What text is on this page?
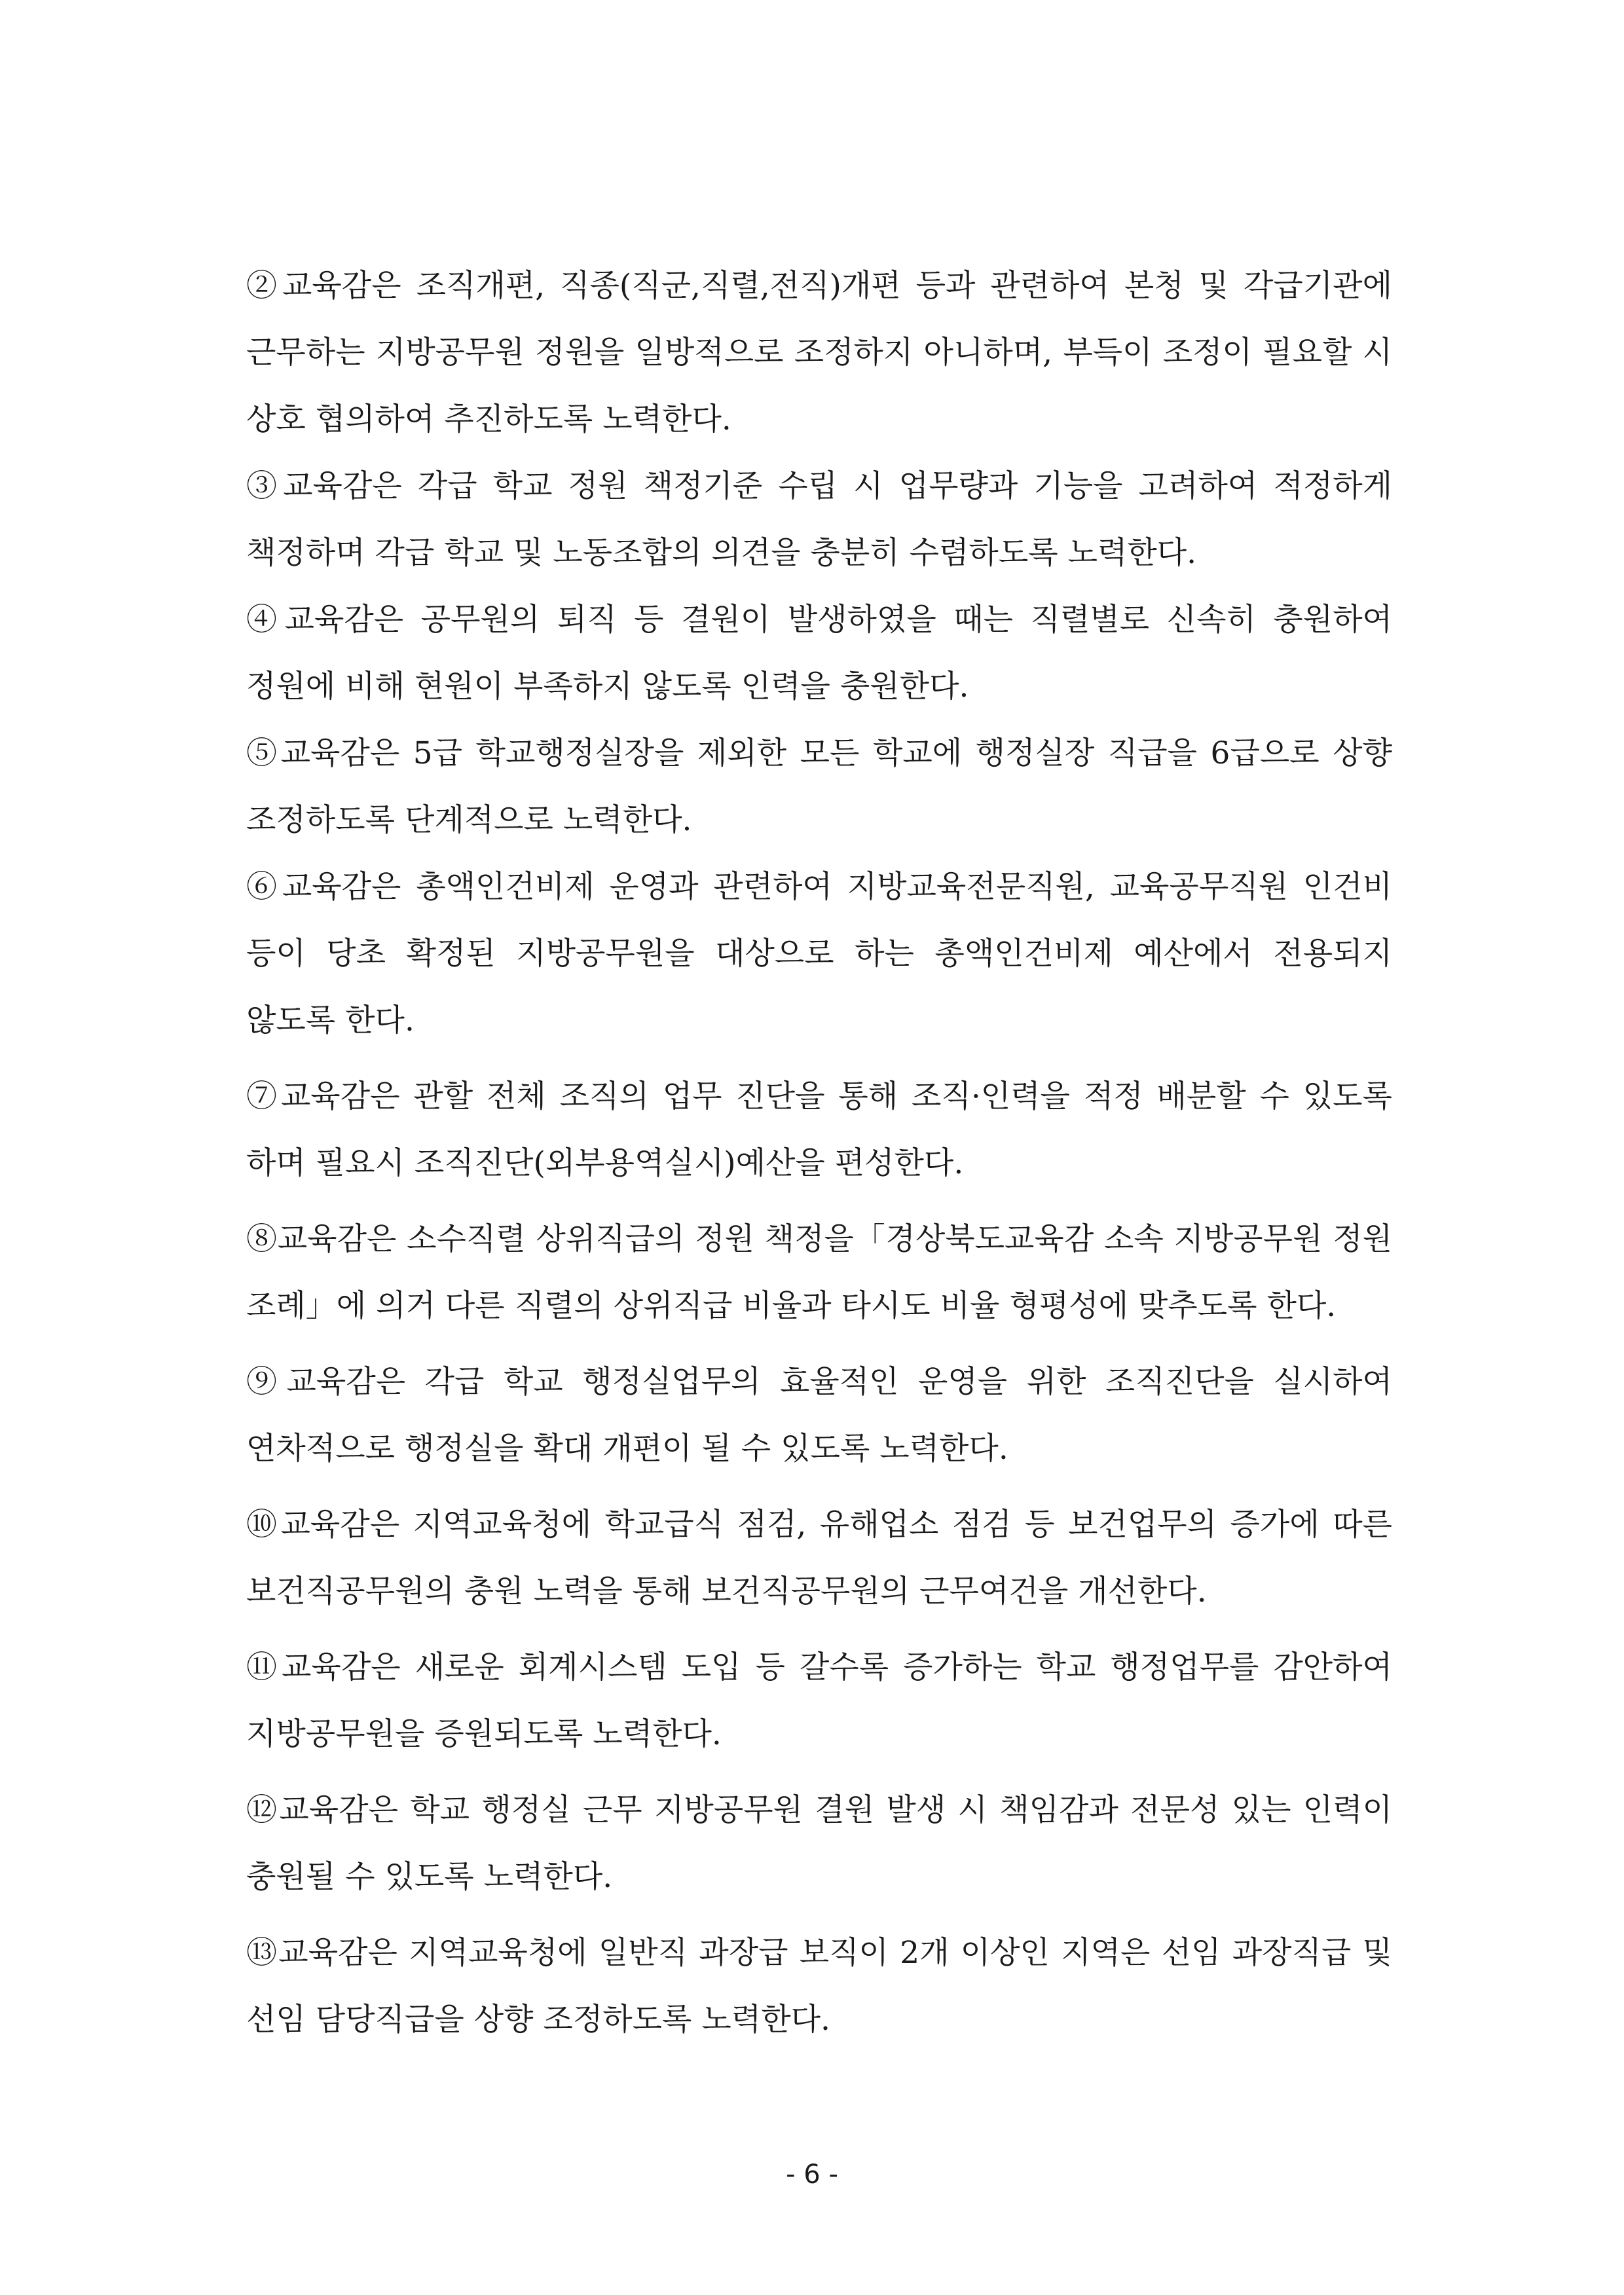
②교육감은 조직개편, 직종(직군,직렬,전직)개편 등과 관련하여 본청 및 각급기관에 근무하는 지방공무원 정원을 일방적으로 조정하지 아니하며, 부득이 조정이 필요할 시 상호 협의하여 추진하도록 노력한다.

③교육감은 각급 학교 정원 책정기준 수립 시 업무량과 기능을 고려하여 적정하게 책정하며 각급 학교 및 노동조합의 의견을 충분히 수렴하도록 노력한다.

④교육감은 공무원의 퇴직 등 결원이 발생하였을 때는 직렬별로 신속히 충원하여 정원에 비해 현원이 부족하지 않도록 인력을 충원한다.

⑤교육감은 5급 학교행정실장을 제외한 모든 학교에 행정실장 직급을 6급으로 상향 조정하도록 단계적으로 노력한다.

⑥교육감은 총액인건비제 운영과 관련하여 지방교육전문직원, 교육공무직원 인건비 등이 당초 확정된 지방공무원을 대상으로 하는 총액인건비제 예산에서 전용되지 않도록 한다.

⑦교육감은 관할 전체 조직의 업무 진단을 통해 조직·인력을 적정 배분할 수 있도록 하며 필요시 조직진단(외부용역실시)예산을 편성한다.

⑧교육감은 소수직렬 상위직급의 정원 책정을「경상북도교육감 소속 지방공무원 정원 조례」에 의거 다른 직렬의 상위직급 비율과 타시도 비율 형평성에 맞추도록 한다.

⑨교육감은 각급 학교 행정실업무의 효율적인 운영을 위한 조직진단을 실시하여 연차적으로 행정실을 확대 개편이 될 수 있도록 노력한다.

⑩교육감은 지역교육청에 학교급식 점검, 유해업소 점검 등 보건업무의 증가에 따른 보건직공무원의 충원 노력을 통해 보건직공무원의 근무여건을 개선한다.

⑪교육감은 새로운 회계시스템 도입 등 갈수록 증가하는 학교 행정업무를 감안하여 지방공무원을 증원되도록 노력한다.

⑫교육감은 학교 행정실 근무 지방공무원 결원 발생 시 책임감과 전문성 있는 인력이 충원될 수 있도록 노력한다.

⑬교육감은 지역교육청에 일반직 과장급 보직이 2개 이상인 지역은 선임 과장직급 및 선임 담당직급을 상향 조정하도록 노력한다.

- 6 -
